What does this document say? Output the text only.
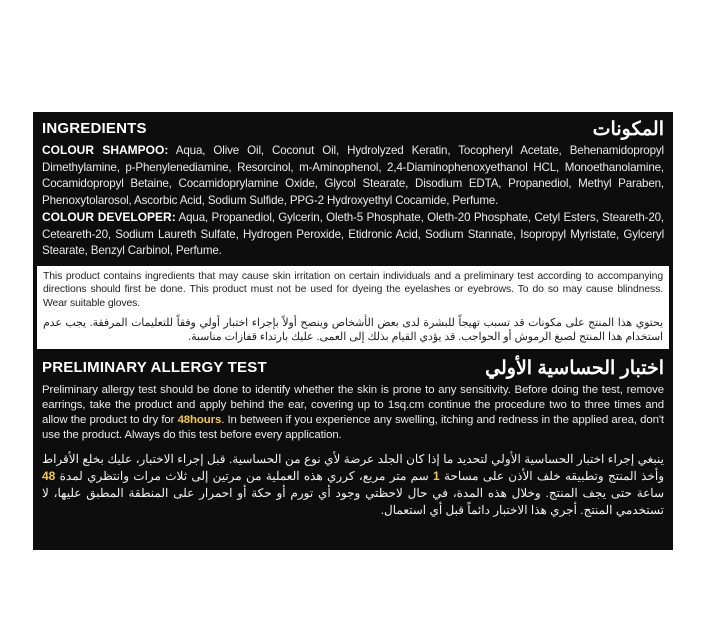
INGREDIENTS	المكونات
COLOUR SHAMPOO: Aqua, Olive Oil, Coconut Oil, Hydrolyzed Keratin, Tocopheryl Acetate, Behenamidopropyl Dimethylamine, p-Phenylenediamine, Resorcinol, m-Aminophenol, 2,4-Diaminophenoxyethanol HCL, Monoethanolamine, Cocamidopropyl Betaine, Cocamidoprylamine Oxide, Glycol Stearate, Disodium EDTA, Propanediol, Methyl Paraben, Phenoxytolarosol, Ascorbic Acid, Sodium Sulfide, PPG-2 Hydroxyethyl Cocamide, Perfume.
COLOUR DEVELOPER: Aqua, Propanediol, Gylcerin, Oleth-5 Phosphate, Oleth-20 Phosphate, Cetyl Esters, Steareth-20, Ceteareth-20, Sodium Laureth Sulfate, Hydrogen Peroxide, Etidronic Acid, Sodium Stannate, Isopropyl Myristate, Gylceryl Stearate, Benzyl Carbinol, Perfume.
This product contains ingredients that may cause skin irritation on certain individuals and a preliminary test according to accompanying directions should first be done. This product must not be used for dyeing the eyelashes or eyebrows. To do so may cause blindness. Wear suitable gloves.
يحتوي هذا المنتج على مكونات قد تسبب تهيجاً للبشرة لدى بعض الأشخاص وينصح أولاً بإجراء اختبار أولي وفقاً للتعليمات المرفقة. يجب عدم استخدام هذا المنتج لصبغ الرموش أو الحواجب. قد يؤدي القيام بذلك إلى العمى. عليك بارتداء قفازات مناسبة.
PRELIMINARY ALLERGY TEST	اختبار الحساسية الأولي
Preliminary allergy test should be done to identify whether the skin is prone to any sensitivity. Before doing the test, remove earrings, take the product and apply behind the ear, covering up to 1sq.cm continue the procedure two to three times and allow the product to dry for 48hours. In between if you experience any swelling, itching and redness in the applied area, don't use the product. Always do this test before every application.
ينبغي إجراء اختبار الحساسية الأولي لتحديد ما إذا كان الجلد عرضة لأي نوع من الحساسية. قبل إجراء الاختبار، عليك بخلع الأقراط وأخذ المنتج وتطبيقه خلف الأذن على مساحة 1 سم متر مربع، كرري هذه العملية من مرتين إلى ثلاث مرات وانتظري لمدة 48 ساعة حتى يجف المنتج. وخلال هذه المدة، في حال لاحظتي وجود أي تورم أو حكة أو احمرار على المنطقة المطبق عليها، لا تستخدمي المنتج. أجري هذا الاختبار دائماً قبل أي استعمال.
